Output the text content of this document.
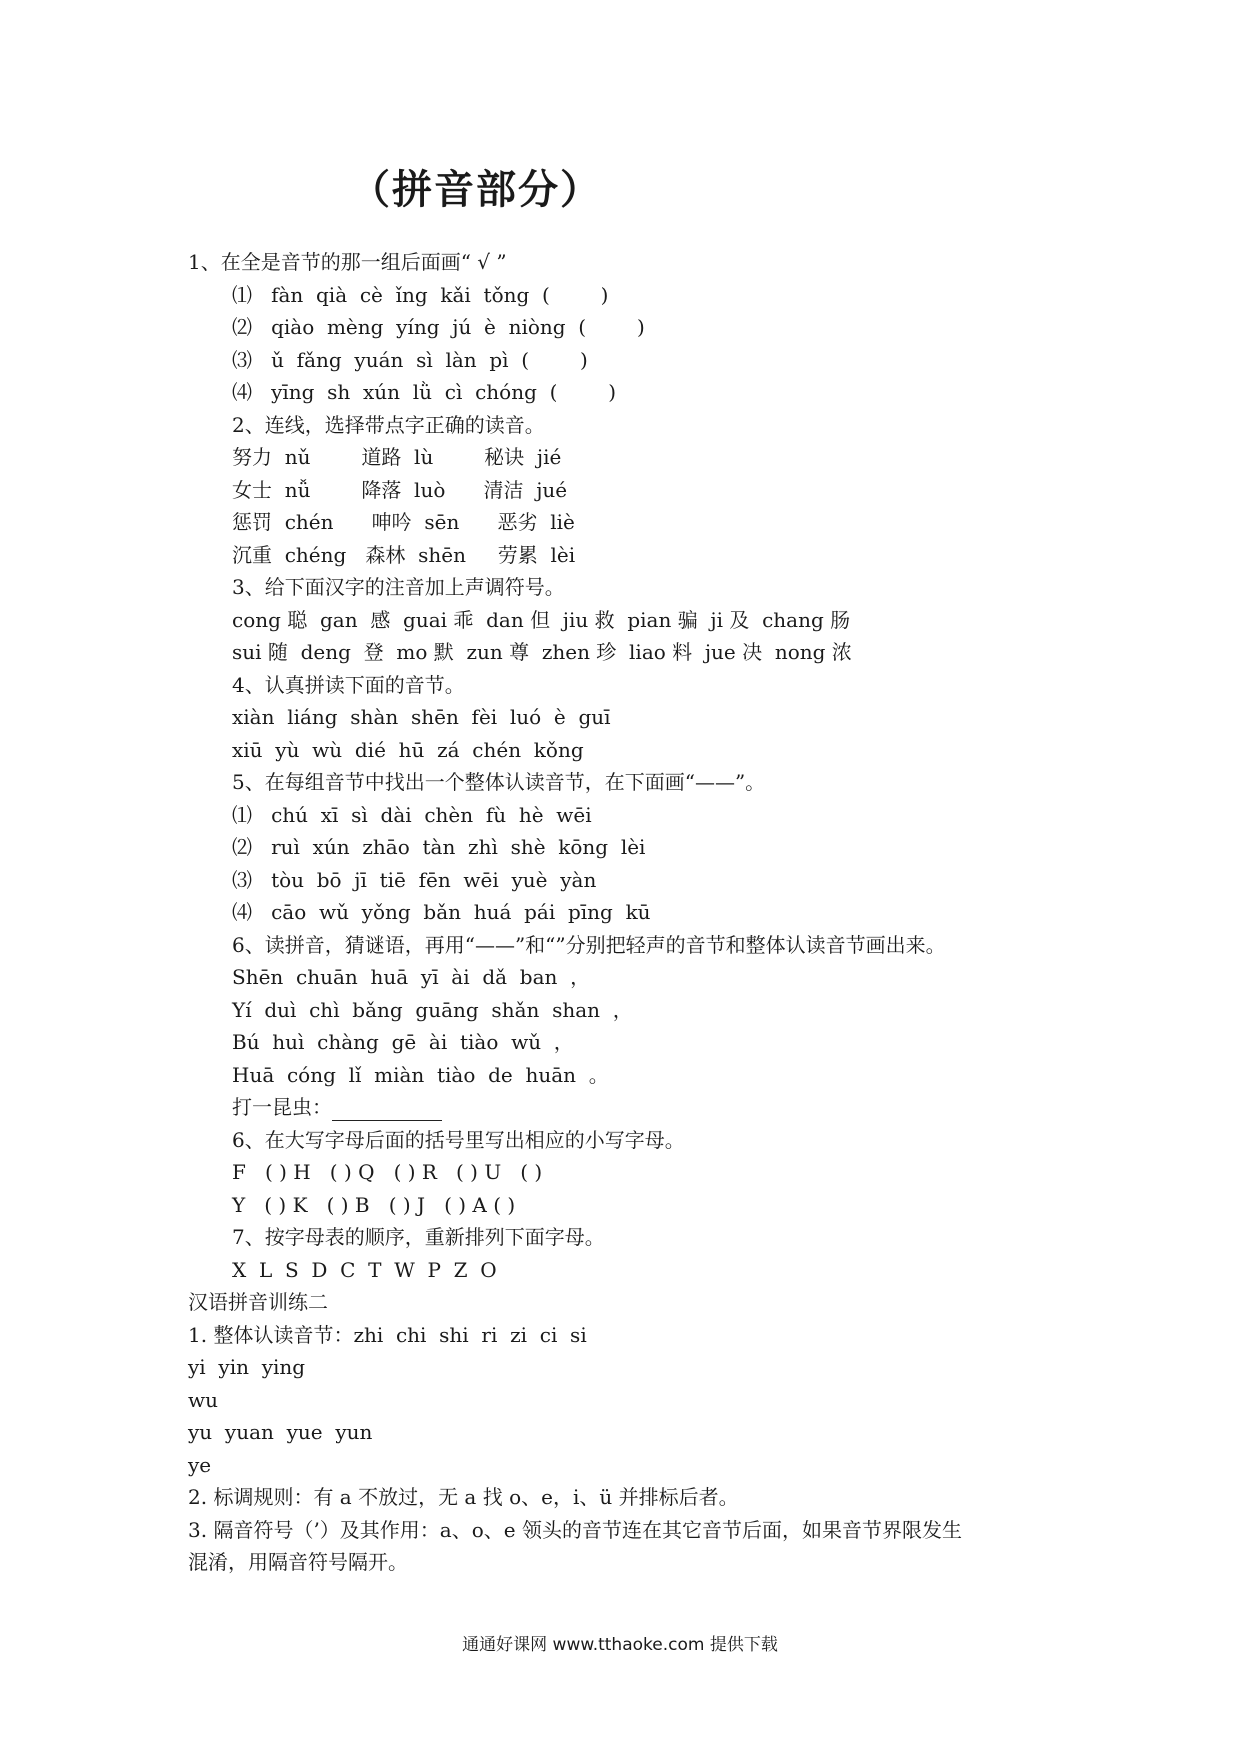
（拼音部分）
1、在全是音节的那一组后面画“ √ ”
⑴   fàn  qià  cè  ǐng  kǎi  tǒng  (        )
⑵   qiào  mèng  yíng  jú  è  niòng  (        )
⑶   ǔ  fǎng  yuán  sì  làn  pì  (        )
⑷   yīng  sh  xún  lǜ  cì  chóng  (        )
2、连线，选择带点字正确的读音。
努力  nǔ        道路  lù        秘诀  jié
女士  nǚ        降落  luò      清洁  jué
惩罚  chén      呻吟  sēn      恶劣  liè
沉重  chéng   森林  shēn     劳累  lèi
3、给下面汉字的注音加上声调符号。
cong 聪  gan  感  guai 乖  dan 但  jiu 救  pian 骗  ji 及  chang 肠
sui 随  deng  登  mo 默  zun 尊  zhen 珍  liao 料  jue 决  nong 浓
4、认真拼读下面的音节。
xiàn  liáng  shàn  shēn  fèi  luó  è  guī
xiū  yù  wù  dié  hū  zá  chén  kǒng
5、在每组音节中找出一个整体认读音节，在下面画“——”。
⑴   chú  xī  sì  dài  chèn  fù  hè  wēi
⑵   ruì  xún  zhāo  tàn  zhì  shè  kōng  lèi
⑶   tòu  bō  jī  tiē  fēn  wēi  yuè  yàn
⑷   cāo  wǔ  yǒng  bǎn  huá  pái  pīng  kū
6、读拼音，猜谜语，再用“——”和“”分别把轻声的音节和整体认读音节画出来。
Shēn  chuān  huā  yī  ài  dǎ  ban  ，
Yí  duì  chì  bǎng  guāng  shǎn  shan  ，
Bú  huì  chàng  gē  ài  tiào  wǔ  ，
Huā  cóng  lǐ  miàn  tiào  de  huān  。
打一昆虫：
6、在大写字母后面的括号里写出相应的小写字母。
F   ( ) H   ( ) Q   ( ) R   ( ) U   ( )
Y   ( ) K   ( ) B   ( ) J   ( ) A ( )
7、按字母表的顺序，重新排列下面字母。
X  L  S  D  C  T  W  P  Z  O
汉语拼音训练二
1. 整体认读音节：zhi  chi  shi  ri  zi  ci  si
yi  yin  ying
wu
yu  yuan  yue  yun
ye
2. 标调规则：有 a 不放过，无 a 找 o、e，i、ü 并排标后者。
3. 隔音符号（’）及其作用：a、o、e 领头的音节连在其它音节后面，如果音节界限发生
混淆，用隔音符号隔开。
通通好课网 www.tthaoke.com 提供下载
